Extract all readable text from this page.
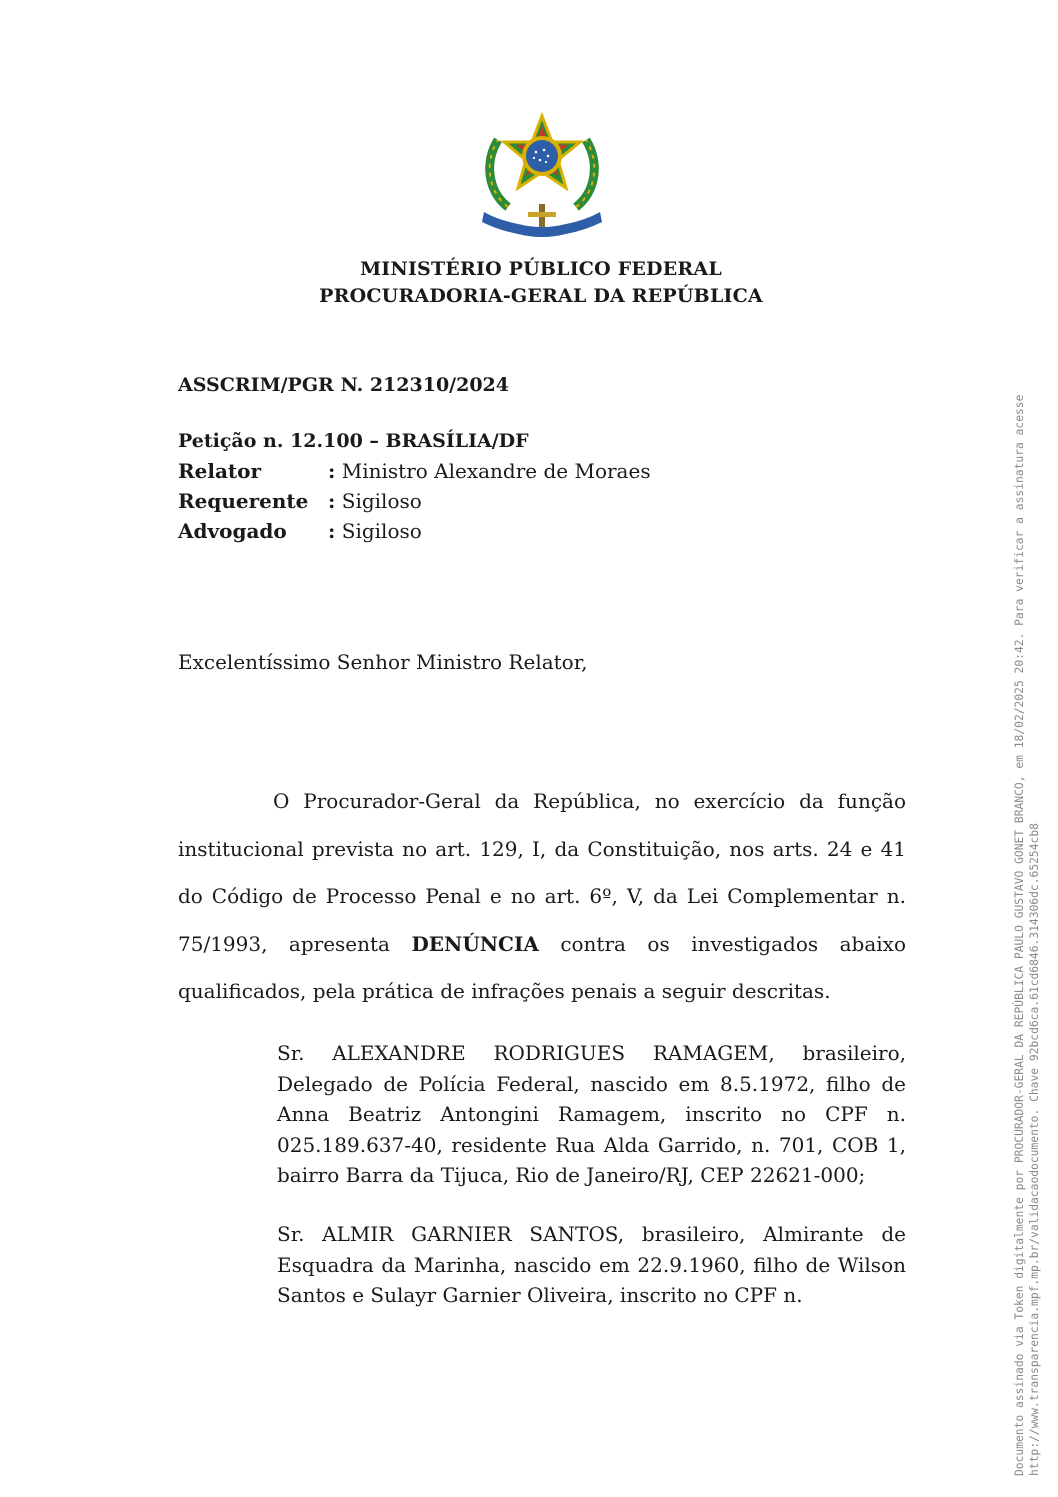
MINISTÉRIO PÚBLICO FEDERAL
PROCURADORIA-GERAL DA REPÚBLICA
ASSCRIM/PGR N. 212310/2024
Petição n. 12.100 – BRASÍLIA/DF
Relator	: Ministro Alexandre de Moraes
Requerente : Sigiloso
Advogado : Sigiloso
Excelentíssimo Senhor Ministro Relator,

O Procurador-Geral da República, no exercício da função institucional prevista no art. 129, I, da Constituição, nos arts. 24 e 41 do Código de Processo Penal e no art. 6º, V, da Lei Complementar n. 75/1993, apresenta DENÚNCIA contra os investigados abaixo qualificados, pela prática de infrações penais a seguir descritas.

Sr. ALEXANDRE RODRIGUES RAMAGEM, brasileiro, Delegado de Polícia Federal, nascido em 8.5.1972, filho de Anna Beatriz Antongini Ramagem, inscrito no CPF n. 025.189.637-40, residente Rua Alda Garrido, n. 701, COB 1, bairro Barra da Tijuca, Rio de Janeiro/RJ, CEP 22621-000;

Sr. ALMIR GARNIER SANTOS, brasileiro, Almirante de Esquadra da Marinha, nascido em 22.9.1960, filho de Wilson Santos e Sulayr Garnier Oliveira, inscrito no CPF n.	Documento assinado via Token digitalmente por PROCURADOR-GERAL DA REPÚBLICA PAULO GUSTAVO GONET BRANCO, em 18/02/2025 20:42. Para verificar a assinatura acesse http://www.transparencia.mpf.mp.br/validacaodocumento. Chave 92bcd6ca.61cd6846.314306dc.65254cb8
